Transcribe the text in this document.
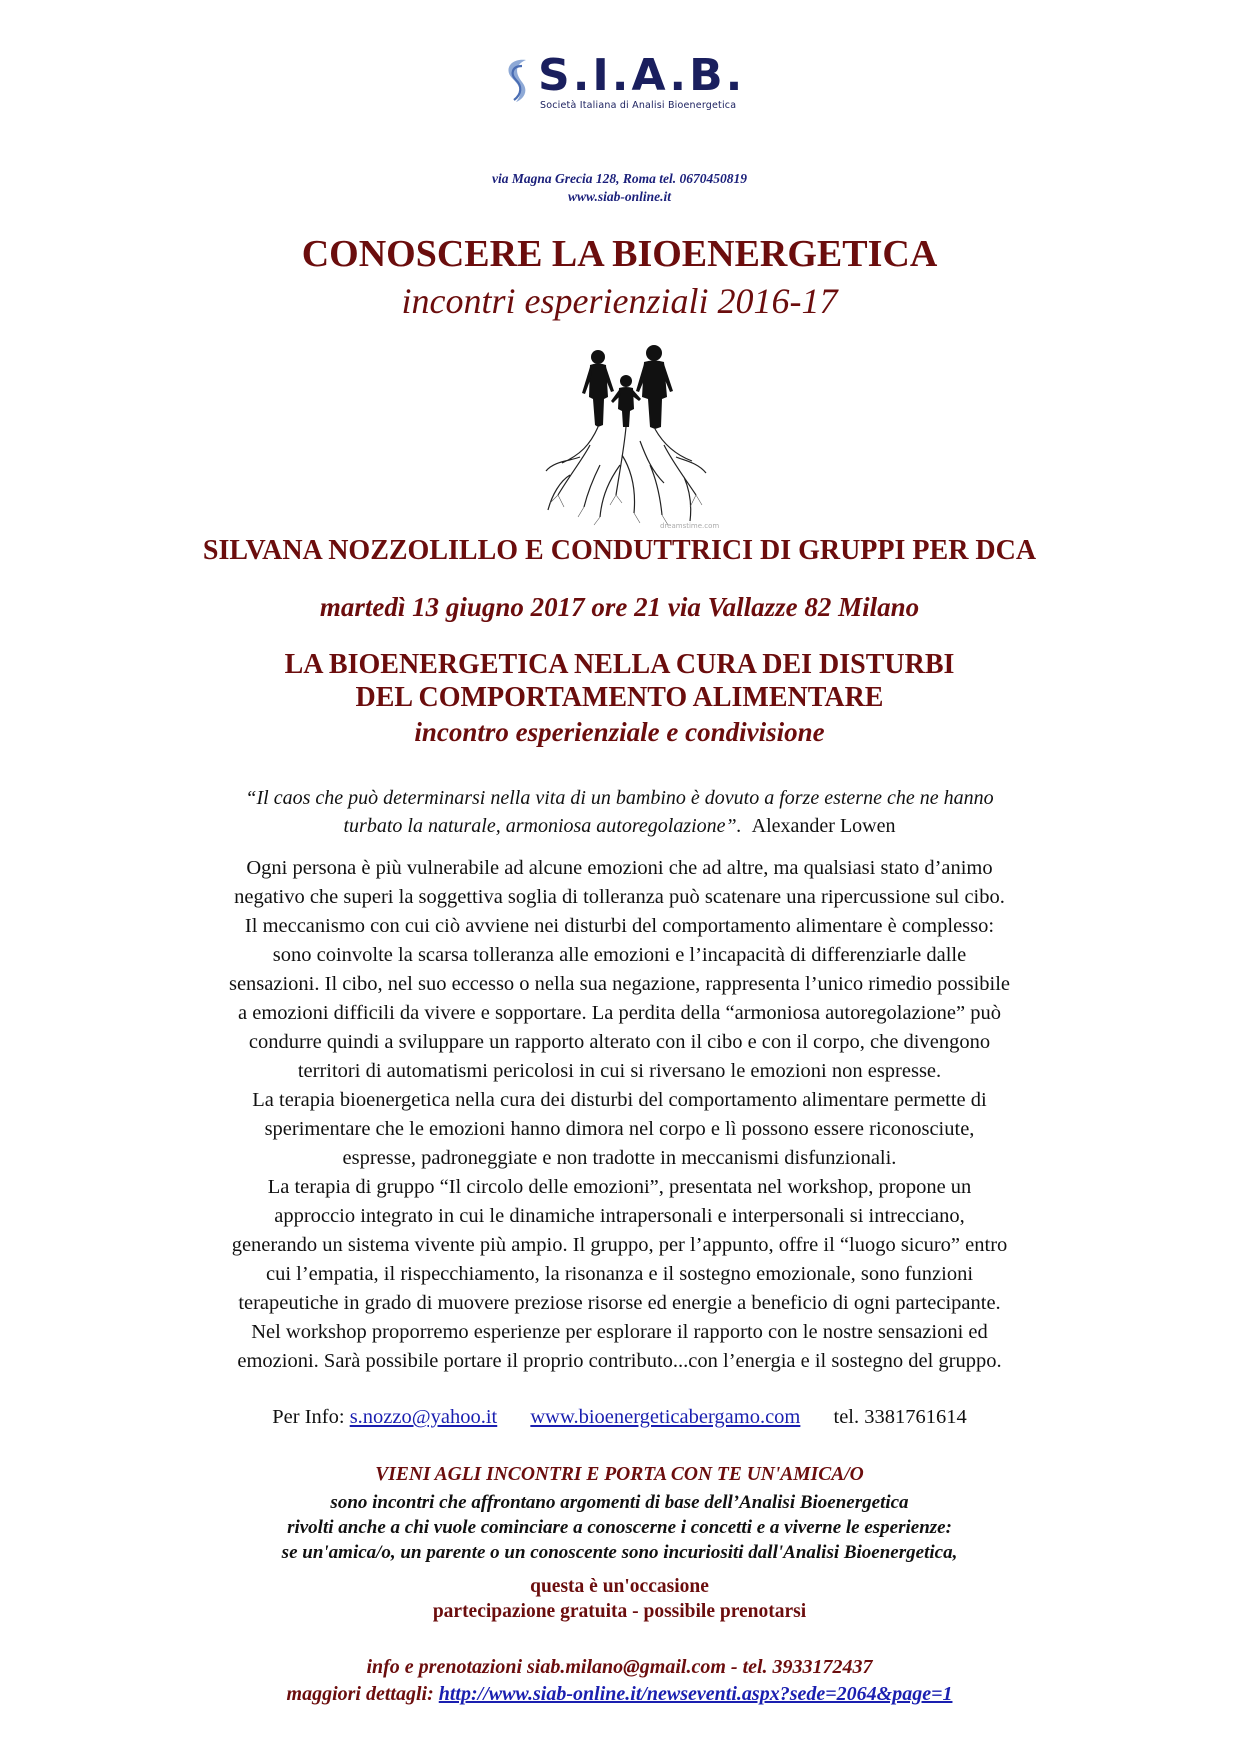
S.I.A.B.
Società Italiana di Analisi Bioenergetica
via Magna Grecia 128, Roma tel. 0670450819
www.siab-online.it
CONOSCERE LA BIOENERGETICA
incontri esperienziali 2016-17
dreamstime.com
SILVANA NOZZOLILLO E CONDUTTRICI DI GRUPPI PER DCA
martedì 13 giugno 2017 ore 21 via Vallazze 82 Milano
LA BIOENERGETICA NELLA CURA DEI DISTURBI
DEL COMPORTAMENTO ALIMENTARE
incontro esperienziale e condivisione
“Il caos che può determinarsi nella vita di un bambino è dovuto a forze esterne che ne hanno
turbato la naturale, armoniosa autoregolazione”. Alexander Lowen
Ogni persona è più vulnerabile ad alcune emozioni che ad altre, ma qualsiasi stato d’animo
negativo che superi la soggettiva soglia di tolleranza può scatenare una ripercussione sul cibo.
Il meccanismo con cui ciò avviene nei disturbi del comportamento alimentare è complesso:
sono coinvolte la scarsa tolleranza alle emozioni e l’incapacità di differenziarle dalle
sensazioni. Il cibo, nel suo eccesso o nella sua negazione, rappresenta l’unico rimedio possibile
a emozioni difficili da vivere e sopportare. La perdita della “armoniosa autoregolazione” può
condurre quindi a sviluppare un rapporto alterato con il cibo e con il corpo, che divengono
territori di automatismi pericolosi in cui si riversano le emozioni non espresse.
La terapia bioenergetica nella cura dei disturbi del comportamento alimentare permette di
sperimentare che le emozioni hanno dimora nel corpo e lì possono essere riconosciute,
espresse, padroneggiate e non tradotte in meccanismi disfunzionali.
La terapia di gruppo “Il circolo delle emozioni”, presentata nel workshop, propone un
approccio integrato in cui le dinamiche intrapersonali e interpersonali si intrecciano,
generando un sistema vivente più ampio. Il gruppo, per l’appunto, offre il “luogo sicuro” entro
cui l’empatia, il rispecchiamento, la risonanza e il sostegno emozionale, sono funzioni
terapeutiche in grado di muovere preziose risorse ed energie a beneficio di ogni partecipante.
Nel workshop proporremo esperienze per esplorare il rapporto con le nostre sensazioni ed
emozioni. Sarà possibile portare il proprio contributo...con l’energia e il sostegno del gruppo.
Per Info: s.nozzo@yahoo.it www.bioenergeticabergamo.com tel. 3381761614
VIENI AGLI INCONTRI E PORTA CON TE UN'AMICA/O
sono incontri che affrontano argomenti di base dell’Analisi Bioenergetica
rivolti anche a chi vuole cominciare a conoscerne i concetti e a viverne le esperienze:
se un'amica/o, un parente o un conoscente sono incuriositi dall'Analisi Bioenergetica,
questa è un'occasione
partecipazione gratuita - possibile prenotarsi
info e prenotazioni siab.milano@gmail.com - tel. 3933172437
maggiori dettagli: http://www.siab-online.it/newseventi.aspx?sede=2064&page=1
